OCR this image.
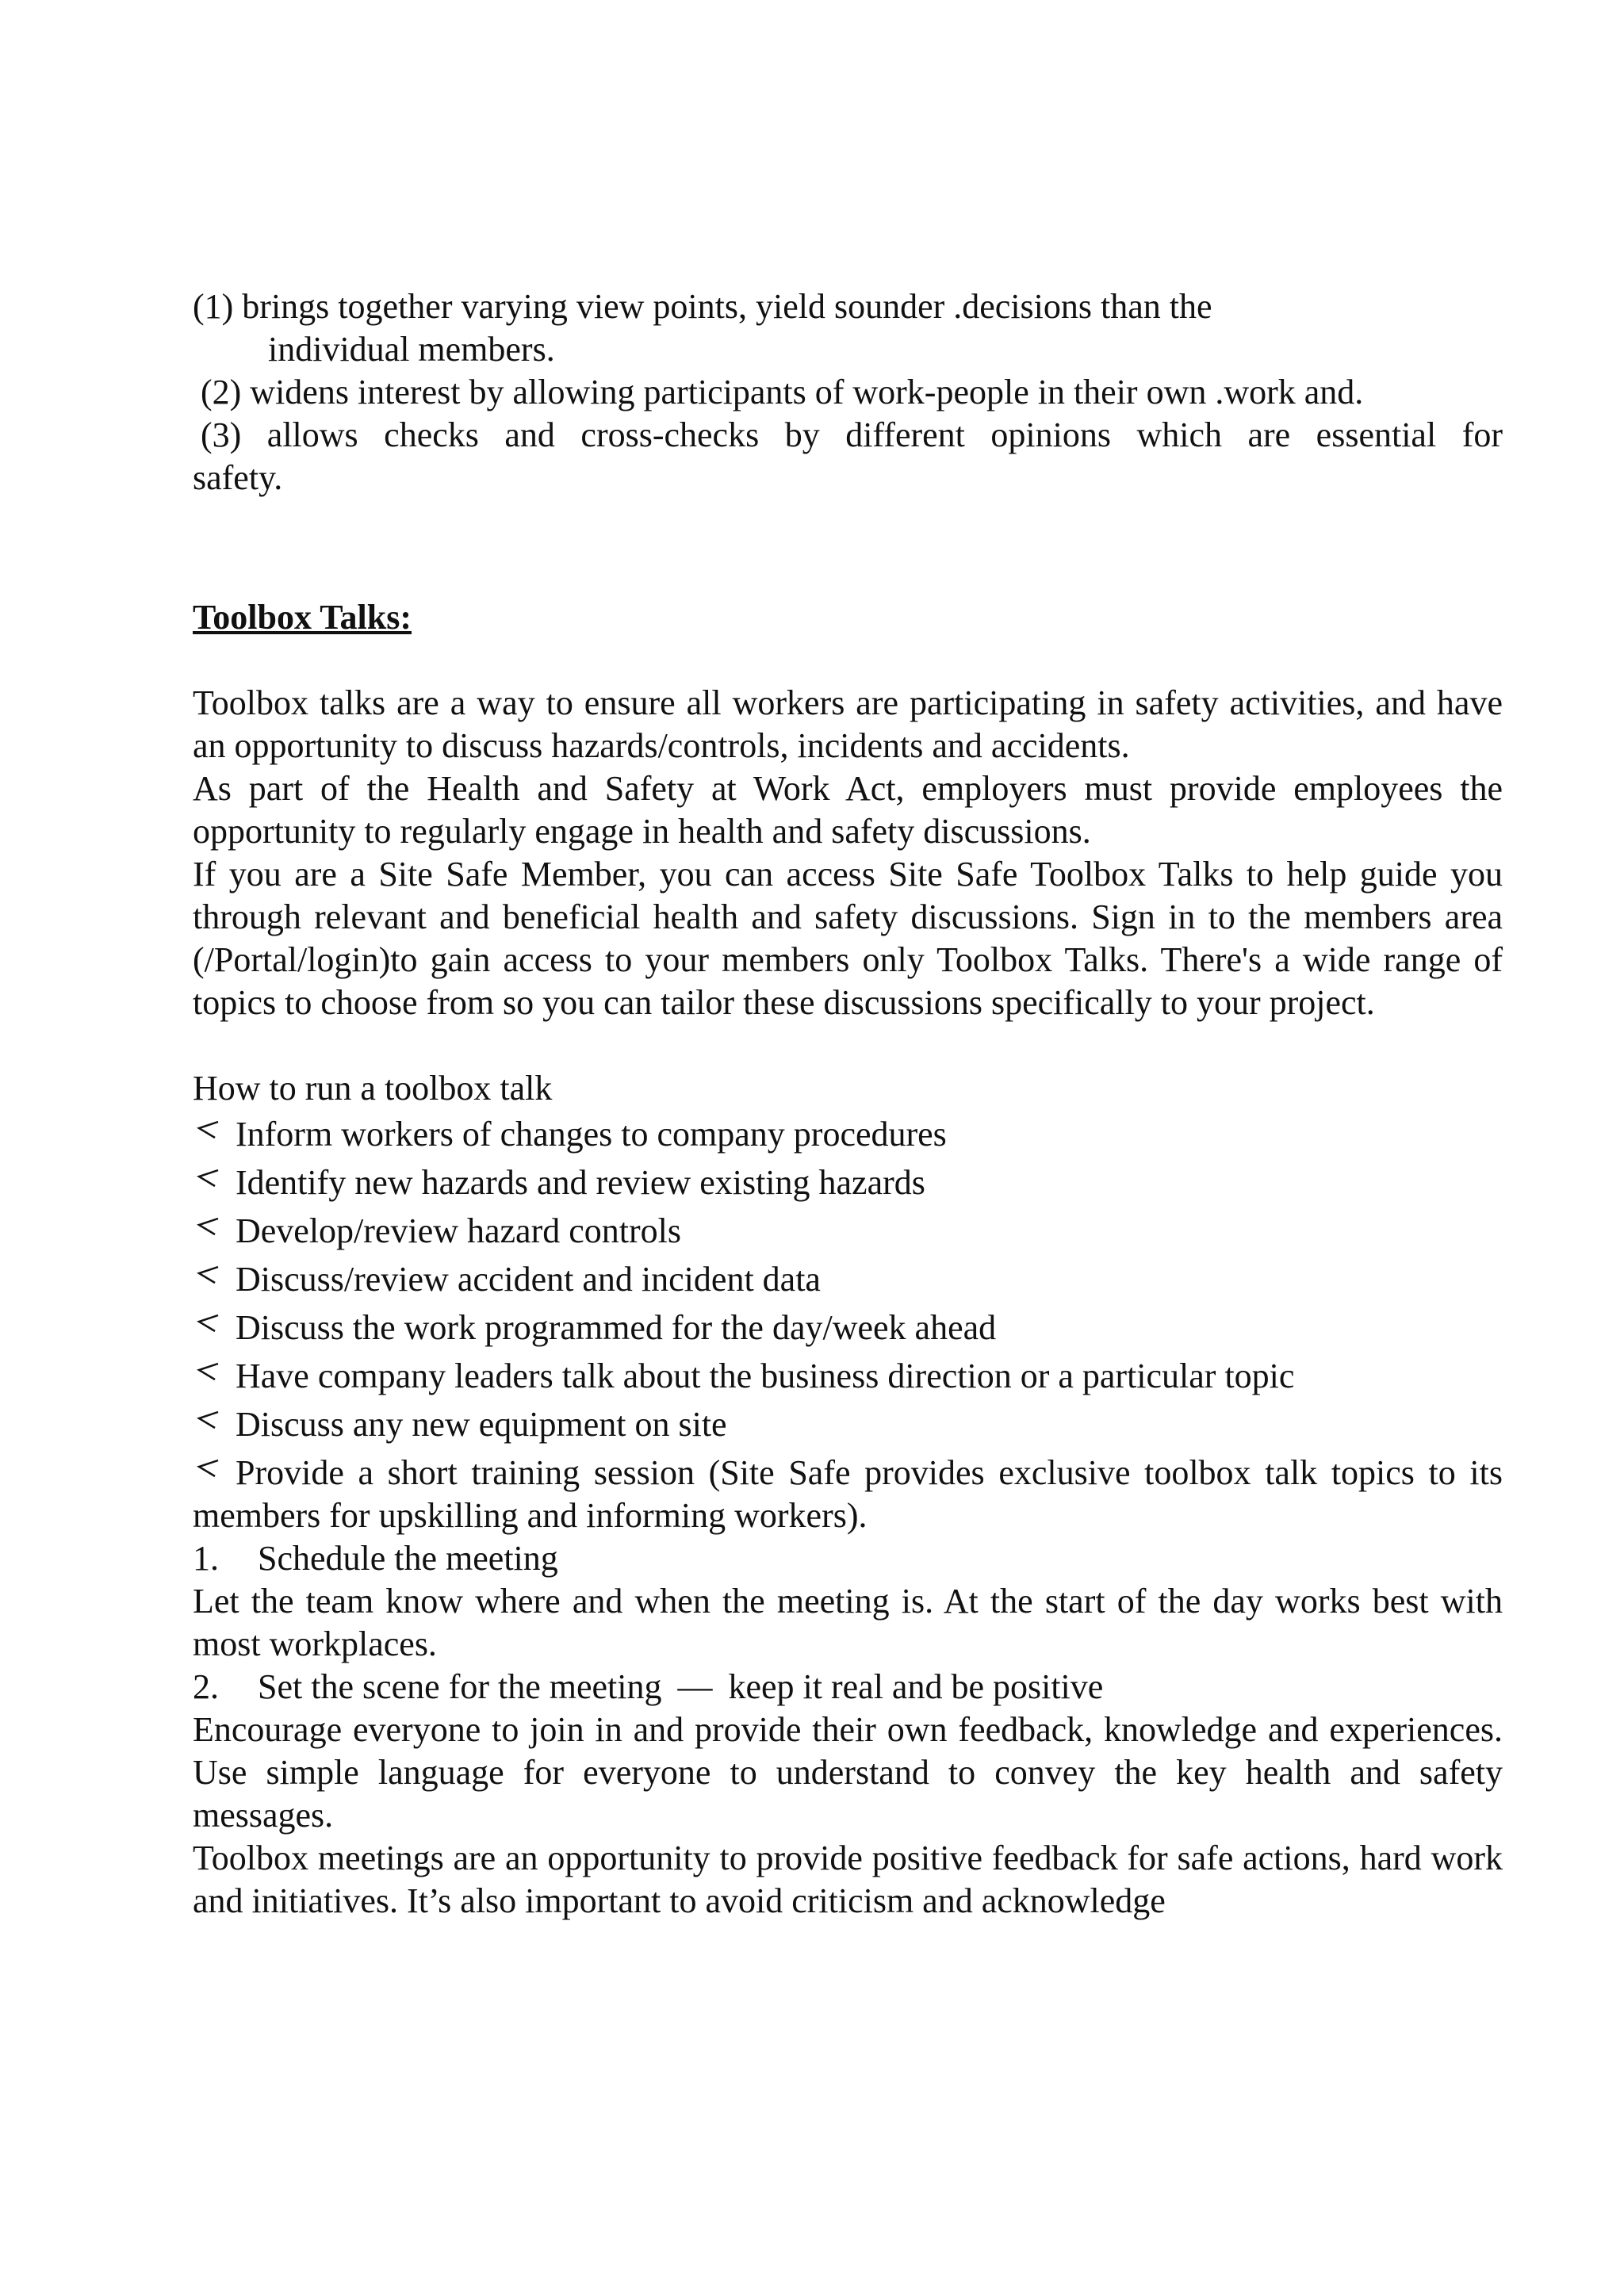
(1) brings together varying view points, yield sounder .decisions than the
individual members.
(2) widens interest by allowing participants of work-people in their own .work and.
(3) allows checks and cross-checks by different opinions which are essential for
safety.
Toolbox Talks:
Toolbox talks are a way to ensure all workers are participating in safety activities, and have an opportunity to discuss hazards/controls, incidents and accidents.
As part of the Health and Safety at Work Act, employers must provide employees the opportunity to regularly engage in health and safety discussions.
If you are a Site Safe Member, you can access Site Safe Toolbox Talks to help guide you through relevant and beneficial health and safety discussions. Sign in to the members area (/Portal/login)to gain access to your members only Toolbox Talks. There's a wide range of topics to choose from so you can tailor these discussions specifically to your project.
How to run a toolbox talk
Inform workers of changes to company procedures
Identify new hazards and review existing hazards
Develop/review hazard controls
Discuss/review accident and incident data
Discuss the work programmed for the day/week ahead
Have company leaders talk about the business direction or a particular topic
Discuss any new equipment on site
Provide a short training session (Site Safe provides exclusive toolbox talk topics to its members for upskilling and informing workers).
1. Schedule the meeting
Let the team know where and when the meeting is. At the start of the day works best with most workplaces.
2. Set the scene for the meeting — keep it real and be positive
Encourage everyone to join in and provide their own feedback, knowledge and experiences. Use simple language for everyone to understand to convey the key health and safety messages.
Toolbox meetings are an opportunity to provide positive feedback for safe actions, hard work and initiatives. It’s also important to avoid criticism and acknowledge
